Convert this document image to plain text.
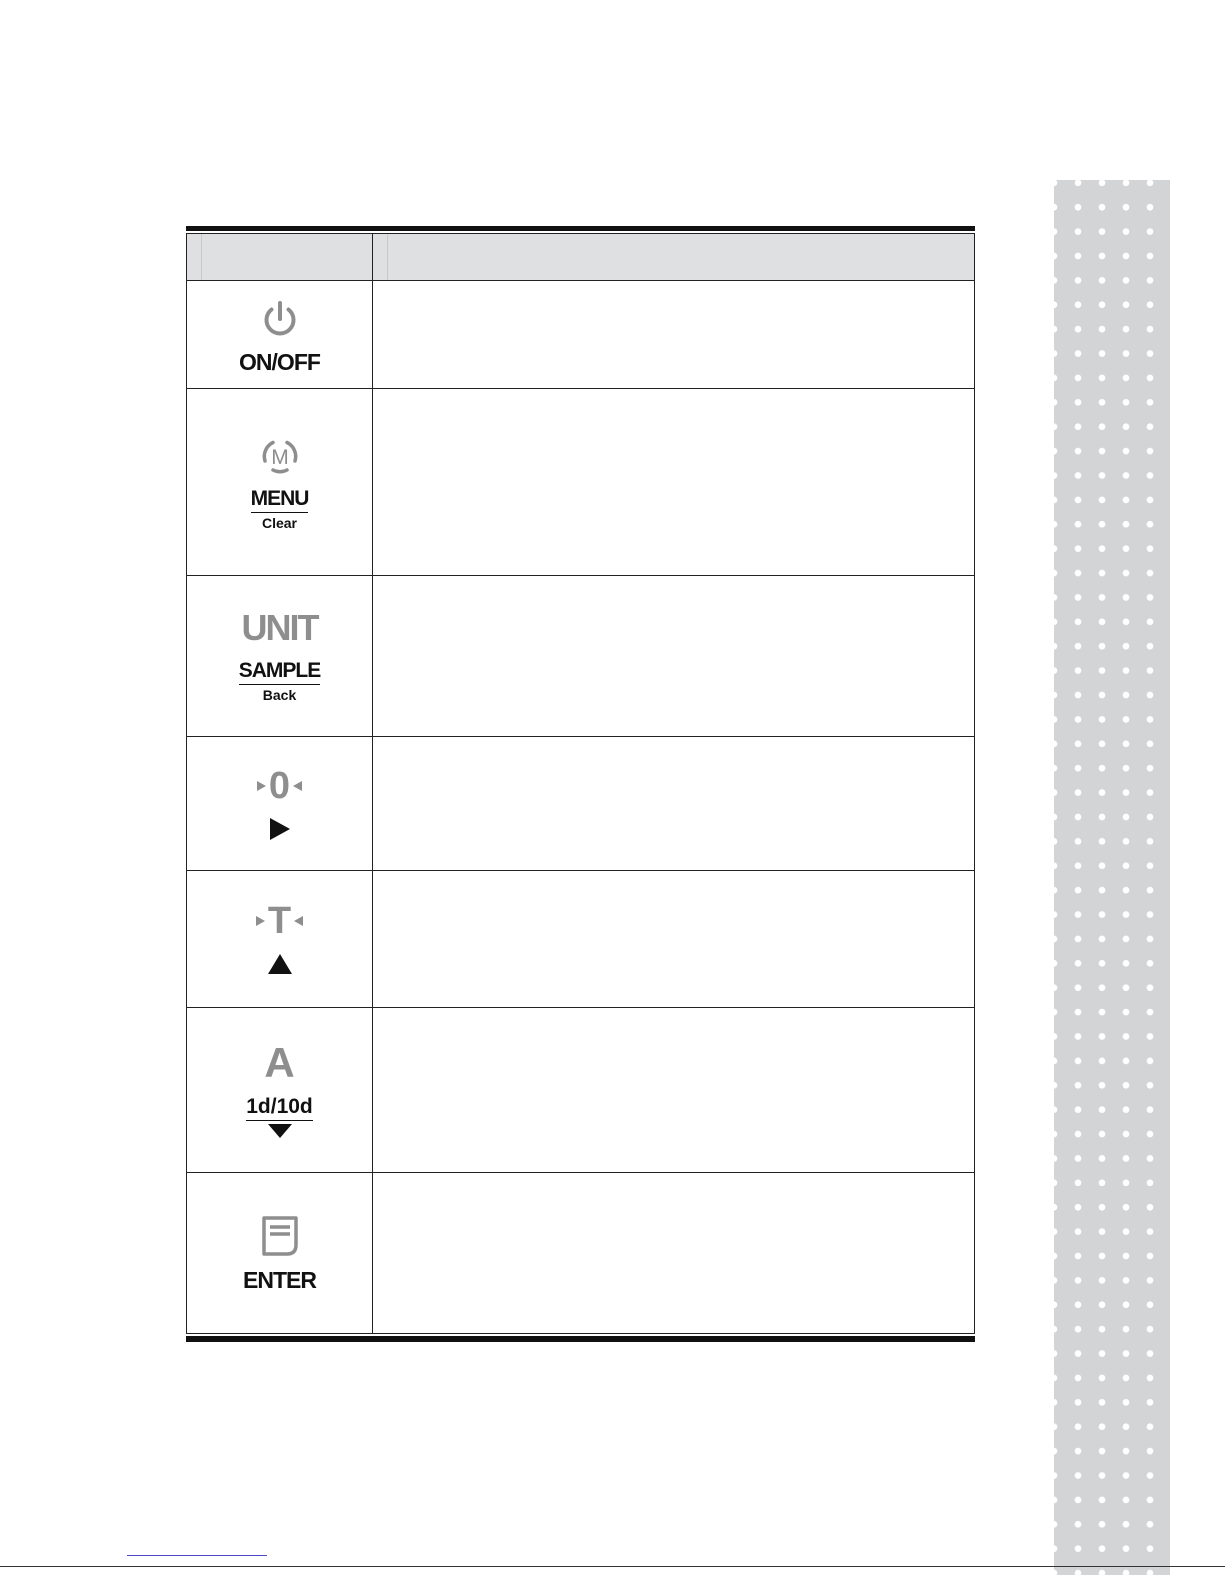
ON/OFF
M
MENU
Clear
UNIT
SAMPLE
Back
0
T
A
1d/10d
ENTER
